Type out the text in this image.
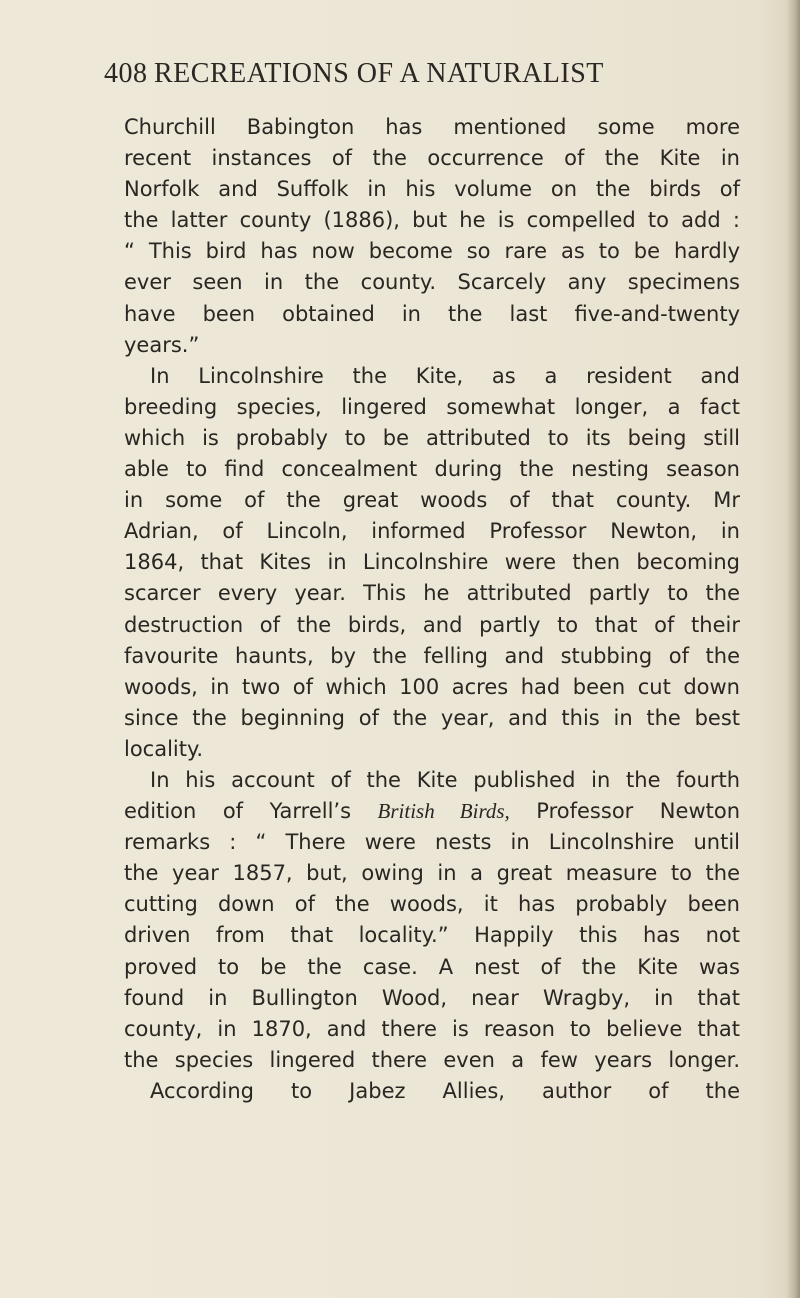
408 RECREATIONS OF A NATURALIST
Churchill Babington has mentioned some more
recent instances of the occurrence of the Kite in
Norfolk and Suffolk in his volume on the birds of
the latter county (1886), but he is compelled to add :
“ This bird has now become so rare as to be hardly
ever seen in the county. Scarcely any specimens
have been obtained in the last five-and-twenty
years.”
In Lincolnshire the Kite, as a resident and
breeding species, lingered somewhat longer, a fact
which is probably to be attributed to its being still
able to find concealment during the nesting season
in some of the great woods of that county. Mr
Adrian, of Lincoln, informed Professor Newton, in
1864, that Kites in Lincolnshire were then becoming
scarcer every year. This he attributed partly to the
destruction of the birds, and partly to that of their
favourite haunts, by the felling and stubbing of the
woods, in two of which 100 acres had been cut down
since the beginning of the year, and this in the best
locality.
In his account of the Kite published in the fourth
edition of Yarrell’s British Birds, Professor Newton
remarks : “ There were nests in Lincolnshire until
the year 1857, but, owing in a great measure to the
cutting down of the woods, it has probably been
driven from that locality.” Happily this has not
proved to be the case. A nest of the Kite was
found in Bullington Wood, near Wragby, in that
county, in 1870, and there is reason to believe that
the species lingered there even a few years longer.
According to Jabez Allies, author of the
